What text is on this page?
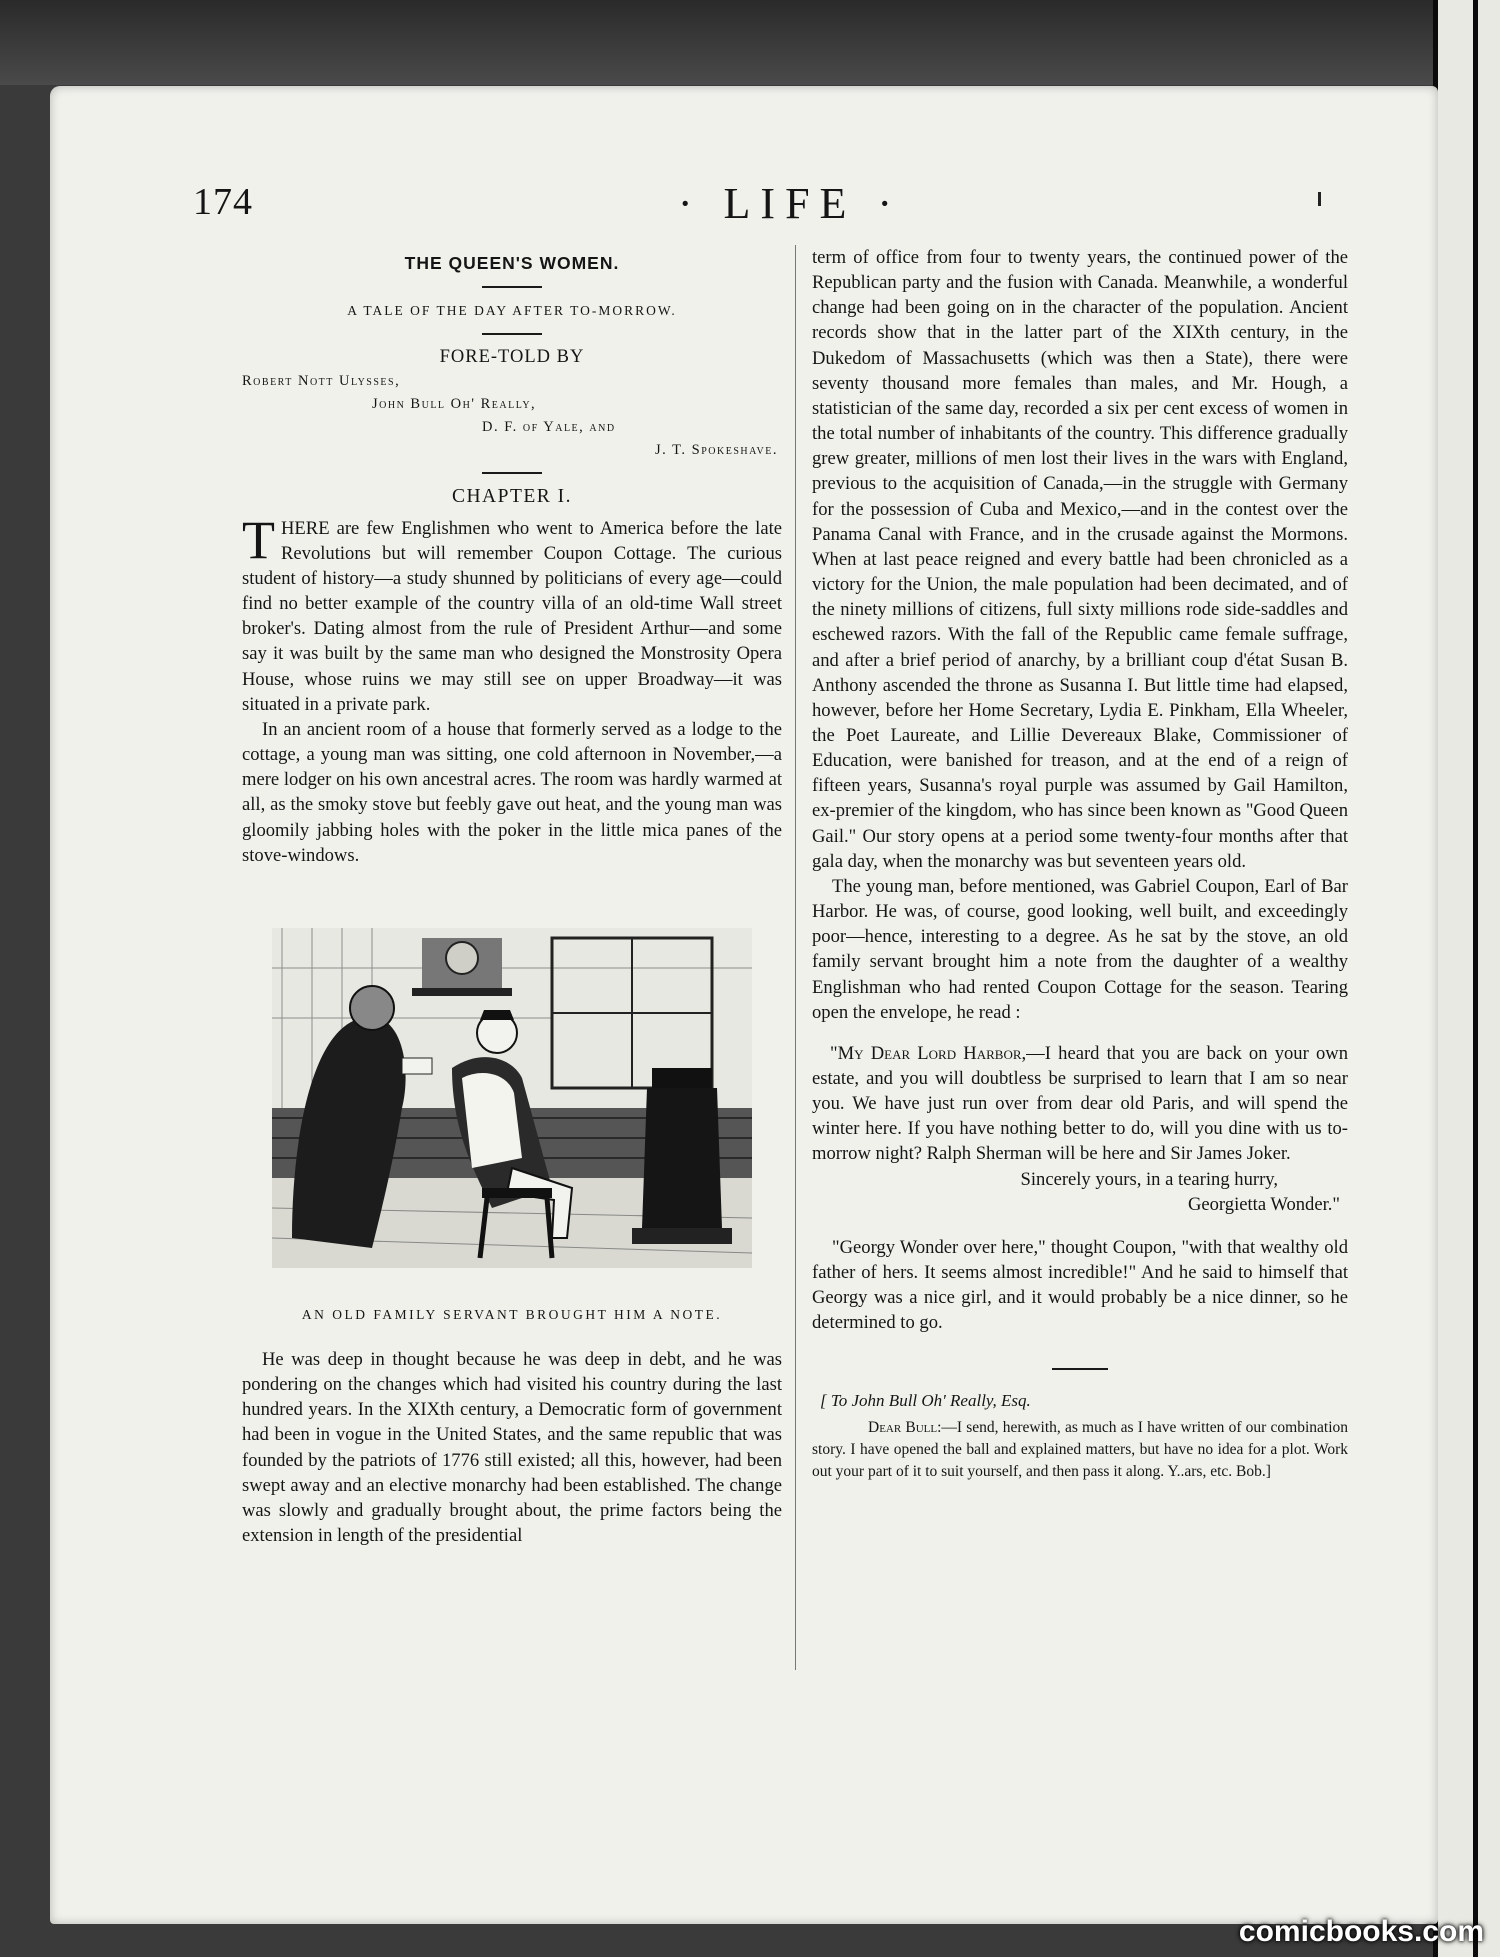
174	· LIFE ·

THE QUEEN'S WOMEN.

A TALE OF THE DAY AFTER TO-MORROW.

FORE-TOLD BY

Robert Nott Ulysses,
John Bull Oh' Really,
D. F. of Yale, and
J. T. Spokeshave.

CHAPTER I.

THERE are few Englishmen who went to America before the late Revolutions but will remember Coupon Cottage. The curious student of history—a study shunned by politicians of every age—could find no better example of the country villa of an old-time Wall street broker's. Dating almost from the rule of President Arthur—and some say it was built by the same man who designed the Monstrosity Opera House, whose ruins we may still see on upper Broadway—it was situated in a private park.

In an ancient room of a house that formerly served as a lodge to the cottage, a young man was sitting, one cold afternoon in November,—a mere lodger on his own ancestral acres. The room was hardly warmed at all, as the smoky stove but feebly gave out heat, and the young man was gloomily jabbing holes with the poker in the little mica panes of the stove-windows.

AN OLD FAMILY SERVANT BROUGHT HIM A NOTE.

He was deep in thought because he was deep in debt, and he was pondering on the changes which had visited his country during the last hundred years. In the XIXth century, a Democratic form of government had been in vogue in the United States, and the same republic that was founded by the patriots of 1776 still existed; all this, however, had been swept away and an elective monarchy had been established. The change was slowly and gradually brought about, the prime factors being the extension in length of the presidential

term of office from four to twenty years, the continued power of the Republican party and the fusion with Canada. Meanwhile, a wonderful change had been going on in the character of the population. Ancient records show that in the latter part of the XIXth century, in the Dukedom of Massachusetts (which was then a State), there were seventy thousand more females than males, and Mr. Hough, a statistician of the same day, recorded a six per cent excess of women in the total number of inhabitants of the country. This difference gradually grew greater, millions of men lost their lives in the wars with England, previous to the acquisition of Canada,—in the struggle with Germany for the possession of Cuba and Mexico,—and in the contest over the Panama Canal with France, and in the crusade against the Mormons. When at last peace reigned and every battle had been chronicled as a victory for the Union, the male population had been decimated, and of the ninety millions of citizens, full sixty millions rode side-saddles and eschewed razors. With the fall of the Republic came female suffrage, and after a brief period of anarchy, by a brilliant coup d'état Susan B. Anthony ascended the throne as Susanna I. But little time had elapsed, however, before her Home Secretary, Lydia E. Pinkham, Ella Wheeler, the Poet Laureate, and Lillie Devereaux Blake, Commissioner of Education, were banished for treason, and at the end of a reign of fifteen years, Susanna's royal purple was assumed by Gail Hamilton, ex-premier of the kingdom, who has since been known as "Good Queen Gail." Our story opens at a period some twenty-four months after that gala day, when the monarchy was but seventeen years old.

The young man, before mentioned, was Gabriel Coupon, Earl of Bar Harbor. He was, of course, good looking, well built, and exceedingly poor—hence, interesting to a degree. As he sat by the stove, an old family servant brought him a note from the daughter of a wealthy Englishman who had rented Coupon Cottage for the season. Tearing open the envelope, he read :

"My Dear Lord Harbor,—I heard that you are back on your own estate, and you will doubtless be surprised to learn that I am so near you. We have just run over from dear old Paris, and will spend the winter here. If you have nothing better to do, will you dine with us to-morrow night? Ralph Sherman will be here and Sir James Joker.

Sincerely yours, in a tearing hurry,

Georgietta Wonder."

"Georgy Wonder over here," thought Coupon, "with that wealthy old father of hers. It seems almost incredible!" And he said to himself that Georgy was a nice girl, and it would probably be a nice dinner, so he determined to go.

[ To John Bull Oh' Really, Esq.

Dear Bull:—I send, herewith, as much as I have written of our combination story. I have opened the ball and explained matters, but have no idea for a plot. Work out your part of it to suit yourself, and then pass it along. Y..ars, etc. Bob.]

comicbooks.com
